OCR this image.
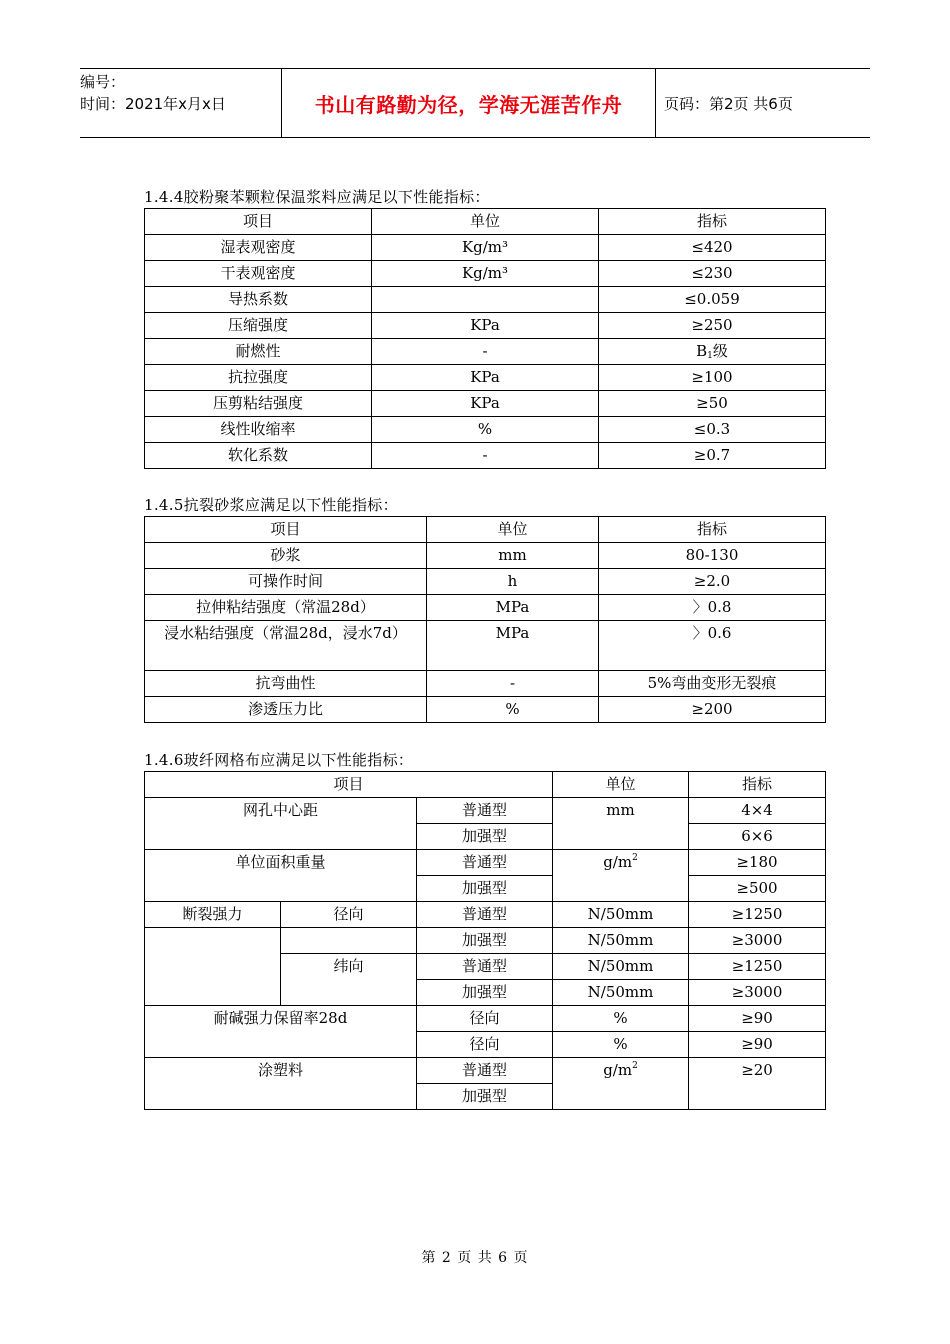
编号：
时间：2021年x月x日	书山有路勤为径，学海无涯苦作舟	页码：第2页 共6页
1.4.4胶粉聚苯颗粒保温浆料应满足以下性能指标：
项目	单位	指标
湿表观密度	Kg/m³	≤420
干表观密度	Kg/m³	≤230
导热系数		≤0.059
压缩强度	KPa	≥250
耐燃性	-	$B_1$级
抗拉强度	KPa	≥100
压剪粘结强度	KPa	≥50
线性收缩率	%	≤0.3
软化系数	-	≥0.7
1.4.5抗裂砂浆应满足以下性能指标：
项目	单位	指标
砂浆	mm	80-130
可操作时间	h	≥2.0
拉伸粘结强度（常温28d）	MPa	〉0.8
浸水粘结强度（常温28d，浸水7d）	MPa	〉0.6
抗弯曲性	-	5%弯曲变形无裂痕
渗透压力比	%	≥200
1.4.6玻纤网格布应满足以下性能指标：
项目			单位	指标
网孔中心距		普通型	mm	4×4
		加强型		6×6
单位面积重量		普通型	$g/m^2$	≥180
		加强型		≥500
断裂强力	径向	普通型	N/50mm	≥1250
		加强型	N/50mm	≥3000
	纬向	普通型	N/50mm	≥1250
		加强型	N/50mm	≥3000
耐碱强力保留率28d		径向	%	≥90
		径向	%	≥90
涂塑料		普通型	$g/m^2$	≥20
		加强型		
第 2 页 共 6 页
